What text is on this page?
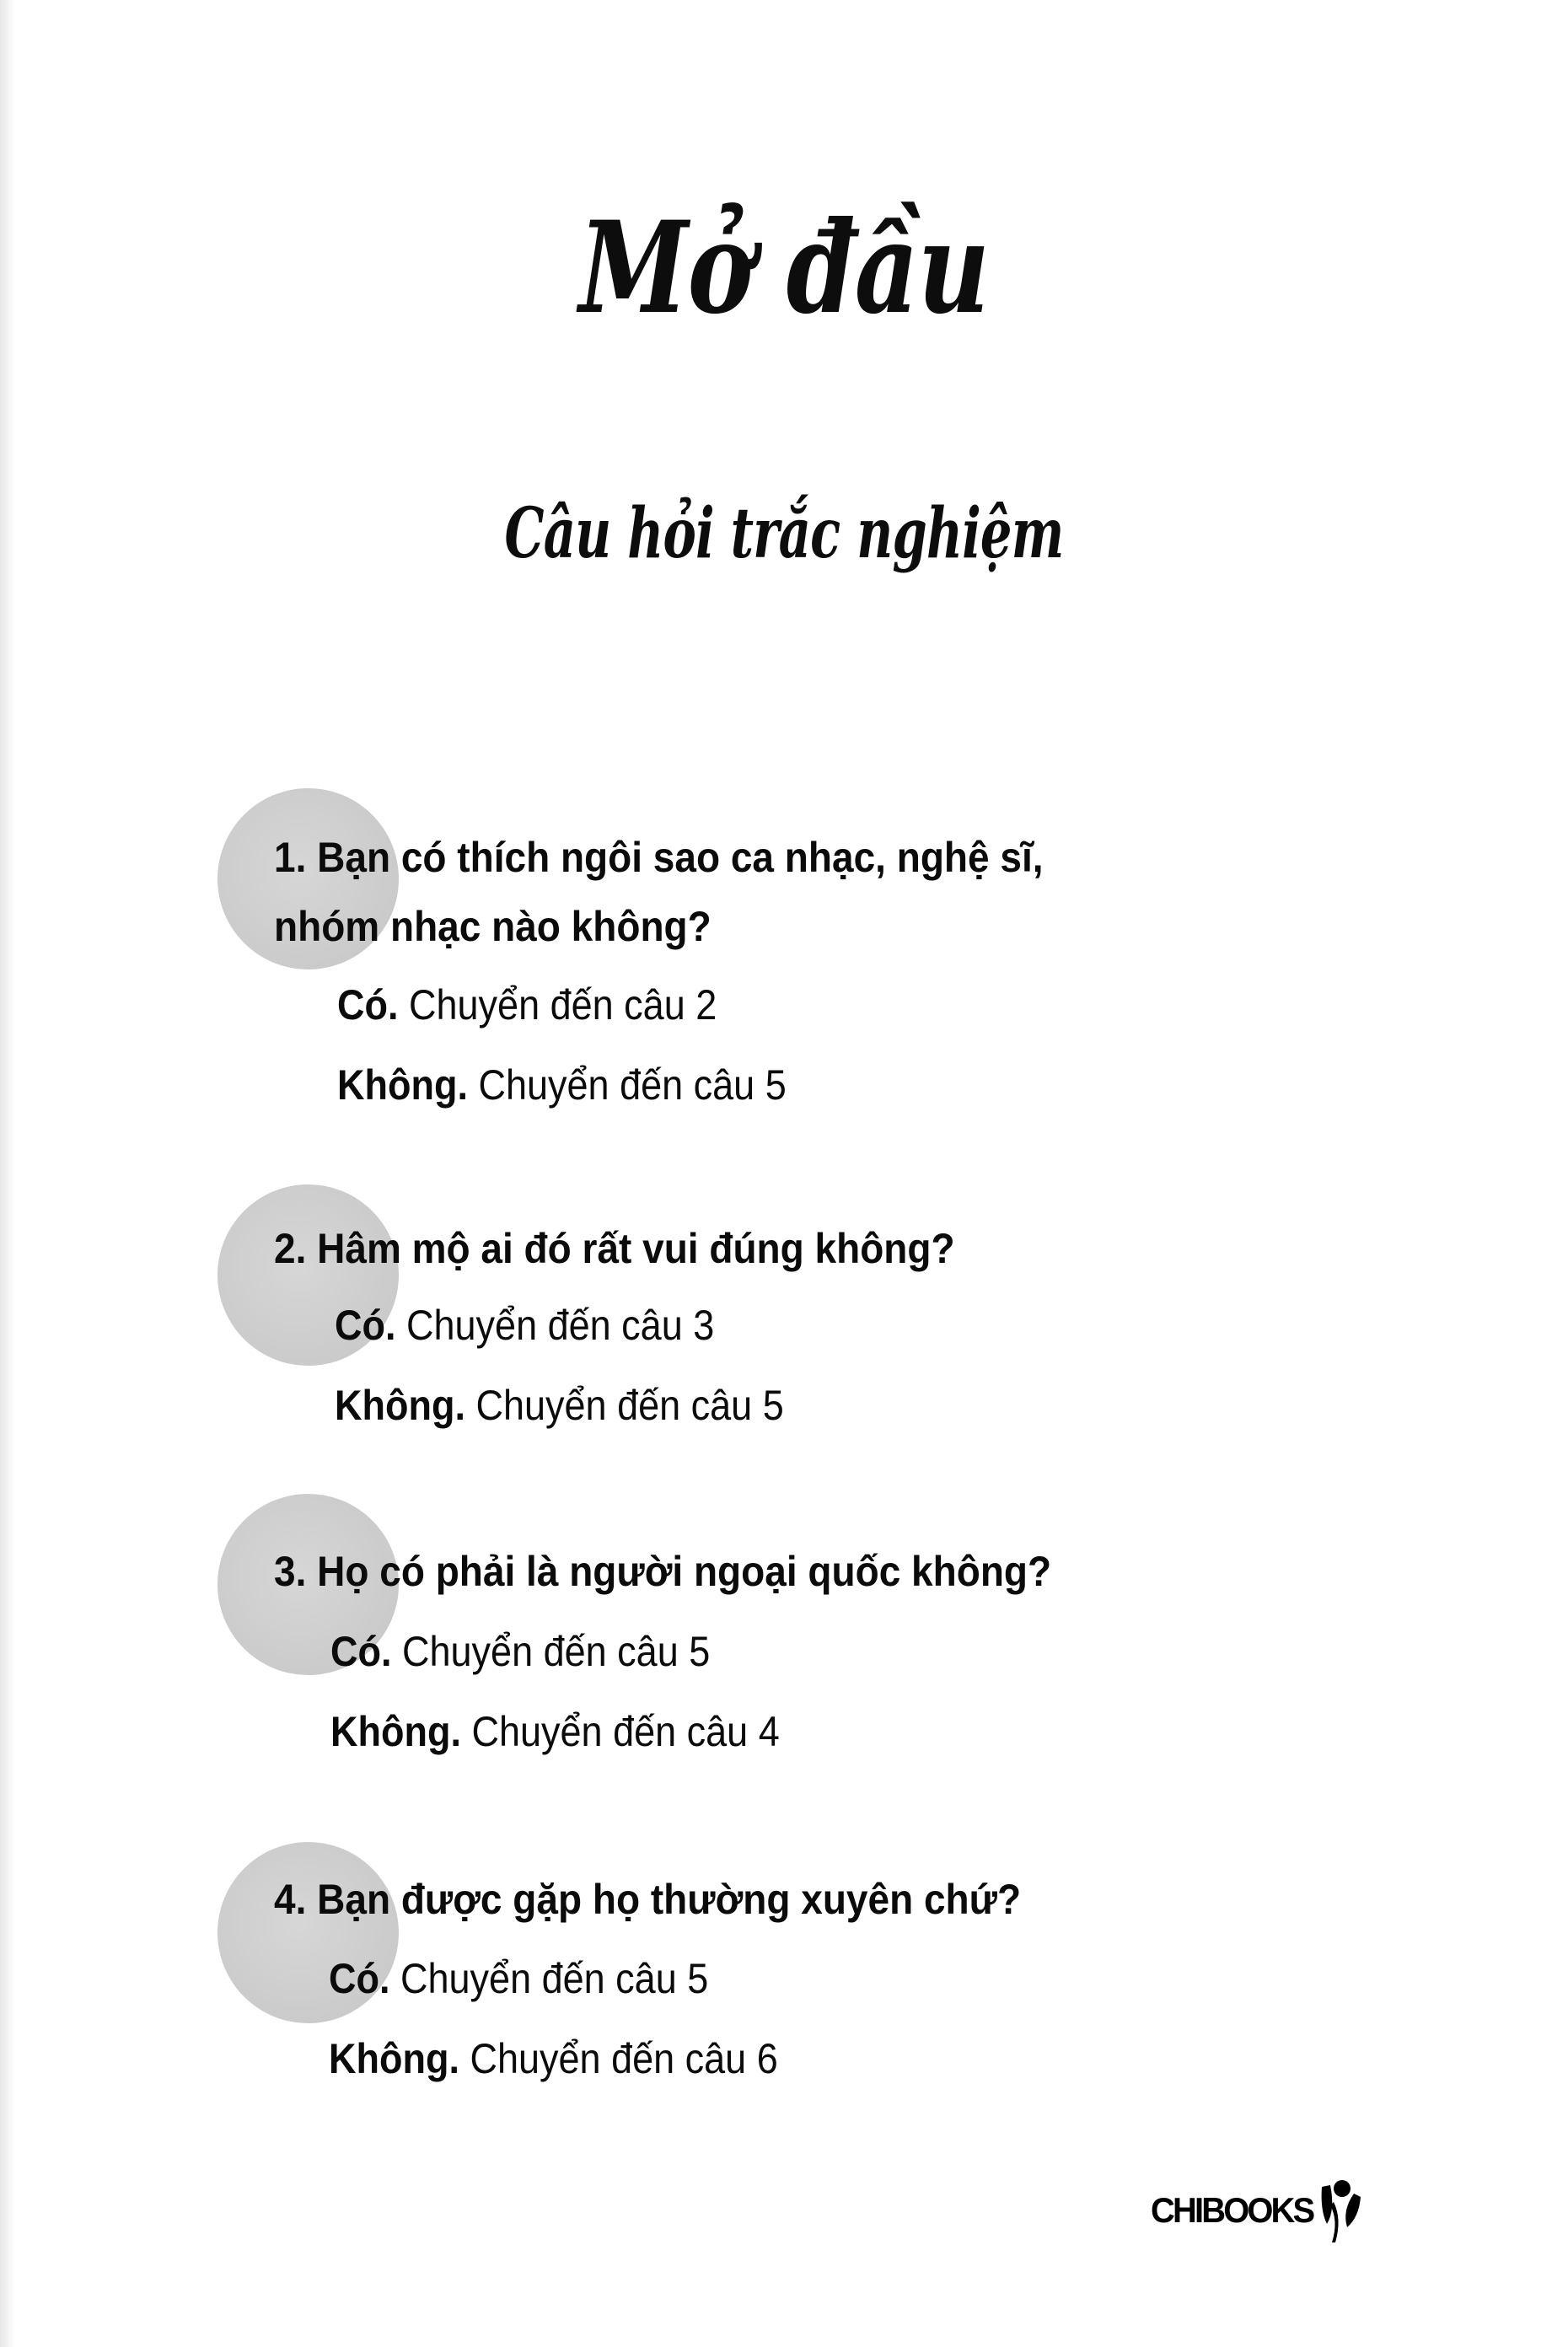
Mở đầu
Câu hỏi trắc nghiệm
1. Bạn có thích ngôi sao ca nhạc, nghệ sĩ,
nhóm nhạc nào không?
Có. Chuyển đến câu 2
Không. Chuyển đến câu 5
2. Hâm mộ ai đó rất vui đúng không?
Có. Chuyển đến câu 3
Không. Chuyển đến câu 5
3. Họ có phải là người ngoại quốc không?
Có. Chuyển đến câu 5
Không. Chuyển đến câu 4
4. Bạn được gặp họ thường xuyên chứ?
Có. Chuyển đến câu 5
Không. Chuyển đến câu 6
CHIBOOKS
